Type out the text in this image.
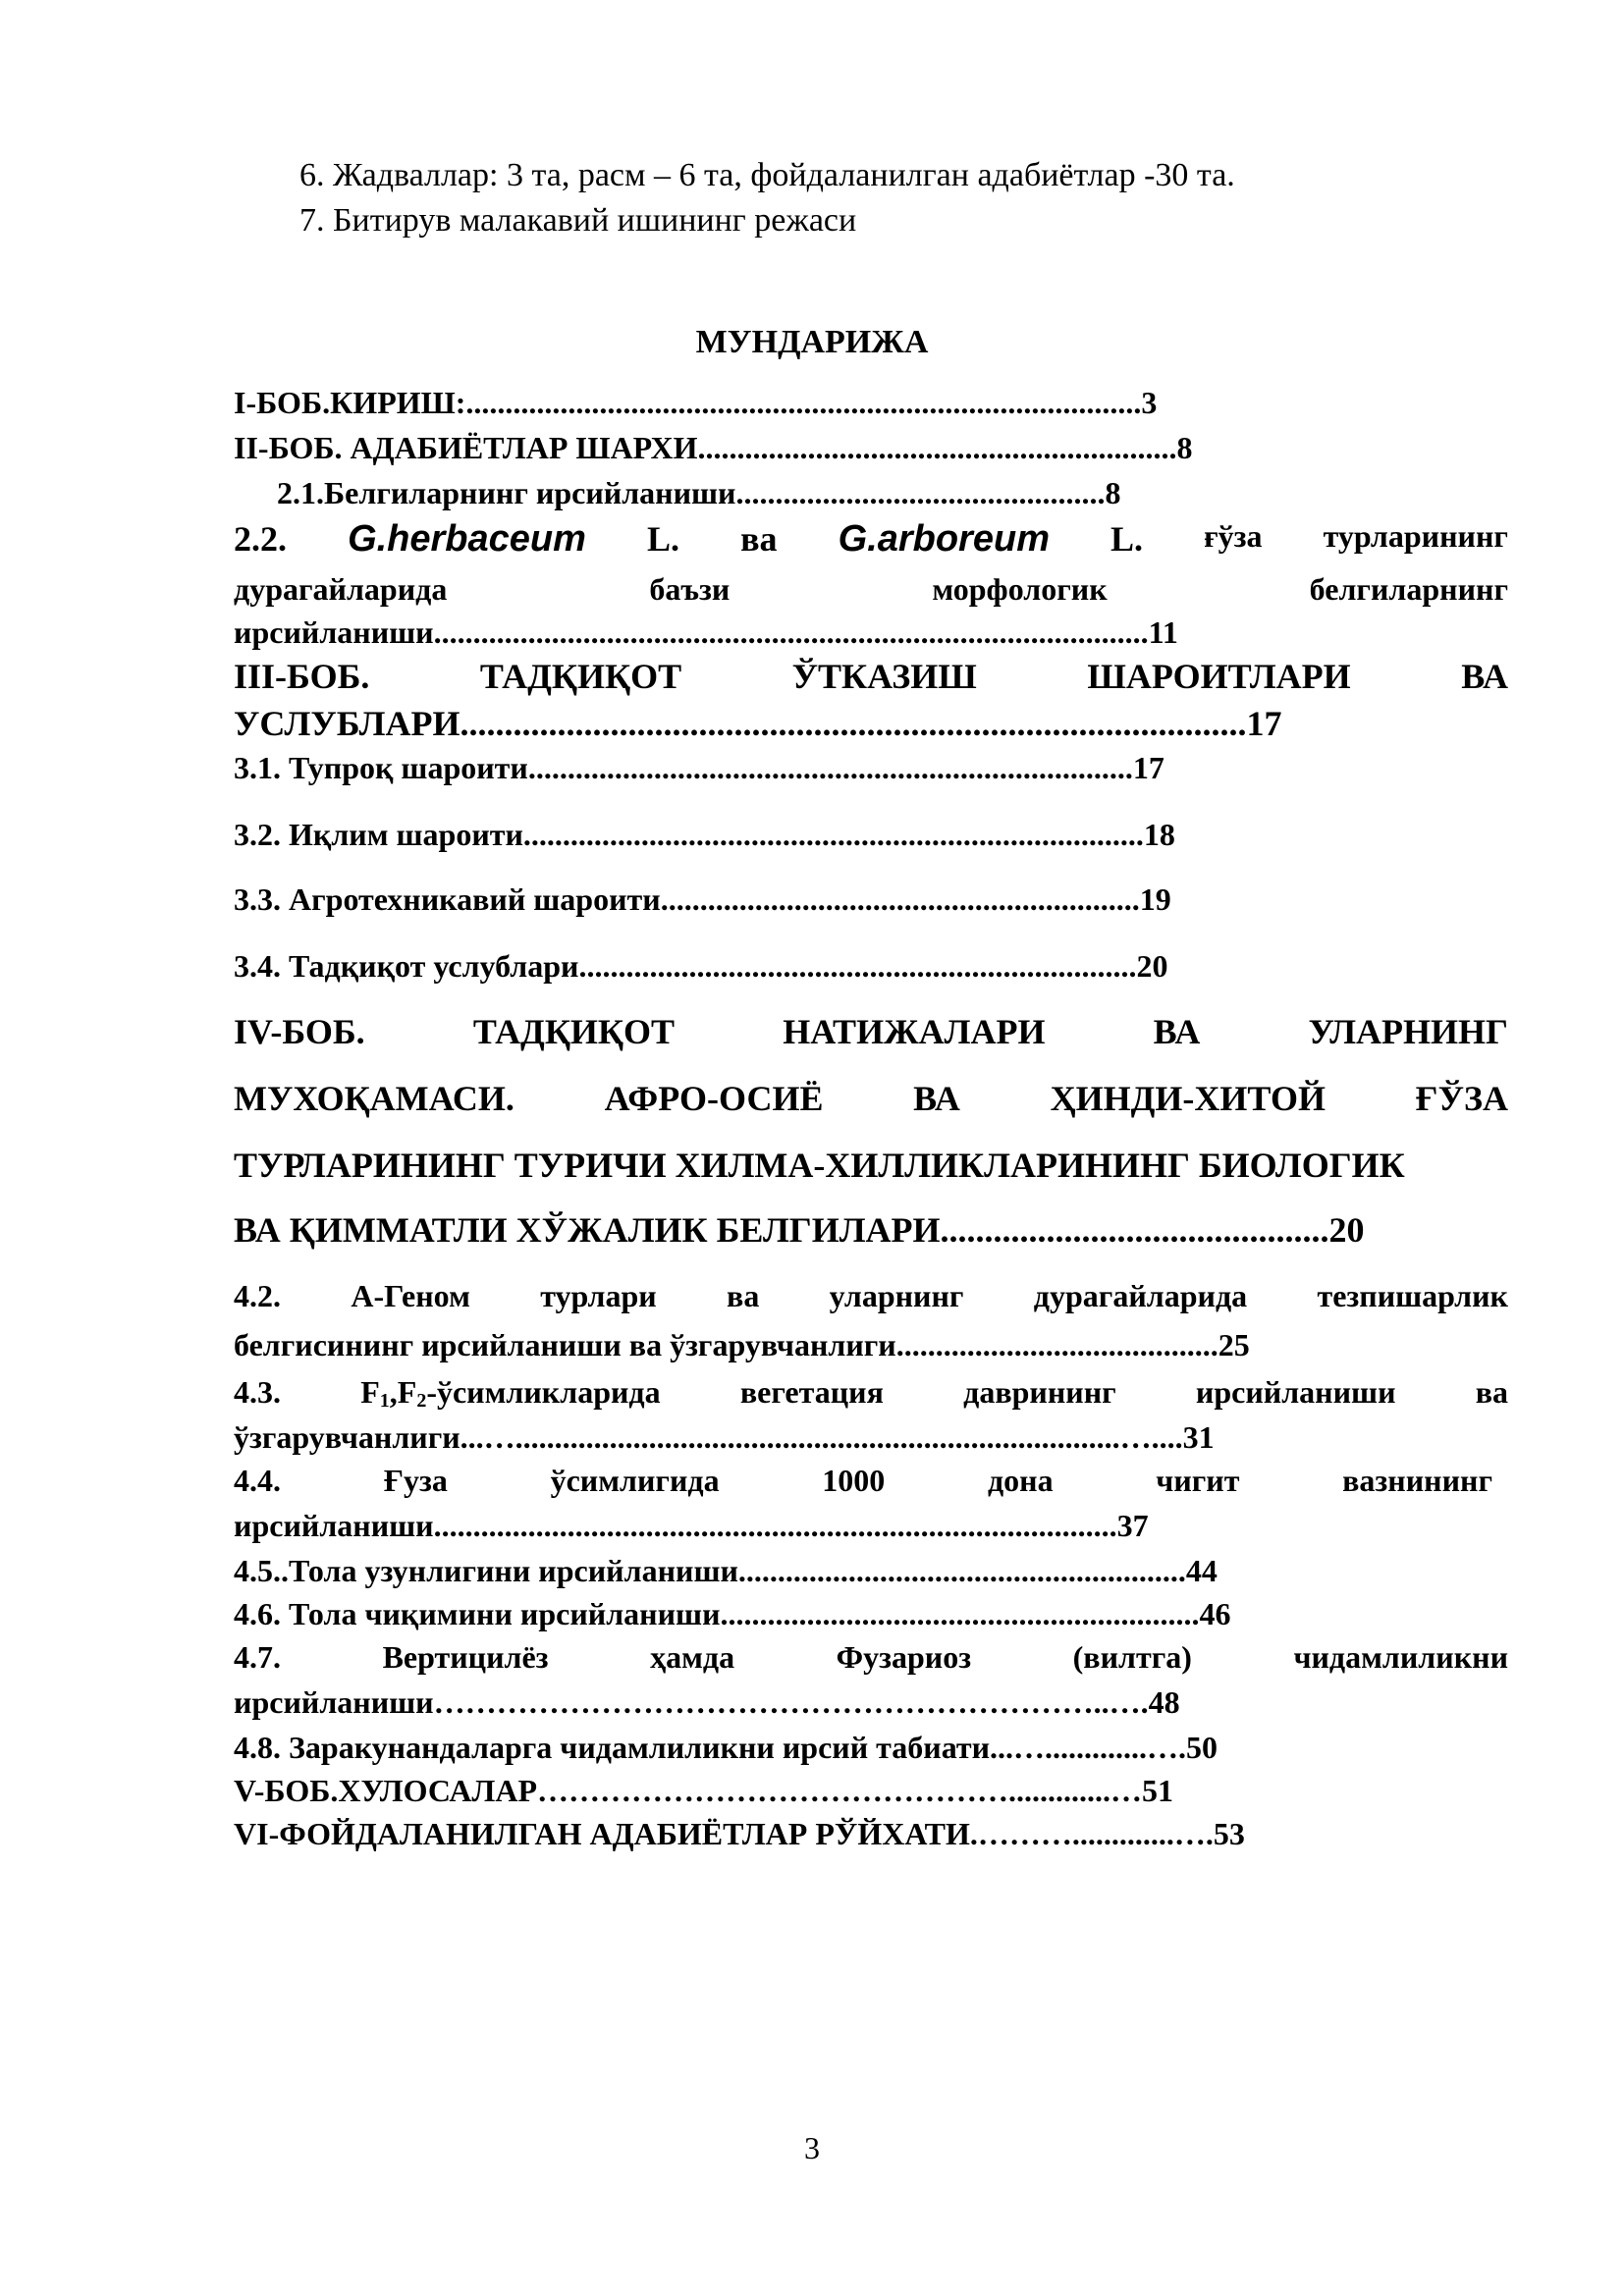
6. Жадваллар: 3 та, расм – 6 та, фойдаланилган адабиётлар -30 та.
7. Битирув малакавий ишининг режаси
МУНДАРИЖА
I-БОБ.КИРИШ:......................................................................................3
II-БОБ. АДАБИЁТЛАР ШАРХИ.............................................................8
2.1.Белгиларнинг ирсийланиши...............................................8
2.2. G.herbaceum L. ва G.arboreum L. ғўза турларининг
дурагайларида	баъзи	морфологик	белгиларнинг
ирсийланиши...........................................................................................11
III-БОБ.	ТАДҚИҚОТ	ЎТКАЗИШ	ШАРОИТЛАРИ	ВА
УСЛУБЛАРИ.........................................................................................17
3.1. Тупроқ шароити.............................................................................17
3.2. Иқлим шароити...............................................................................18
3.3. Агротехникавий шароити.............................................................19
3.4. Тадқиқот услублари.......................................................................20
IV-БОБ.	ТАДҚИҚОТ	НАТИЖАЛАРИ	ВА	УЛАРНИНГ
МУХОҚАМАСИ.	АФРО-ОСИЁ	ВА	ҲИНДИ-ХИТОЙ	ҒЎЗА
ТУРЛАРИНИНГ ТУРИЧИ ХИЛМА-ХИЛЛИКЛАРИНИНГ БИОЛОГИК
ВА ҚИММАТЛИ ХЎЖАЛИК БЕЛГИЛАРИ............................................20
4.2. А-Геном турлари ва уларнинг дурагайларида тезпишарлик
белгисининг ирсийланиши ва ўзгарувчанлиги.........................................25
4.3.	$F_1,F_2$-ўсимликларида	вегетация	даврининг	ирсийланиши	ва
ўзгарувчанлиги...….............................................................................…....31
4.4.	Ғуза	ўсимлигида	1000	дона	чигит	вазнининг
ирсийланиши.......................................................................................37
4.5..Тола узунлигини ирсийланиши.........................................................44
4.6. Тола чиқимини ирсийланиши.............................................................46
4.7.	Вертицилёз	ҳамда	Фузариоз	(вилтга)	чидамлиликни
ирсийланиши………………………………………………………..….48
4.8. Заракунандаларга чидамлиликни ирсий табиати...….............….50
V-БОБ.ХУЛОСАЛАР……………………………………….............…51
VI-ФОЙДАЛАНИЛГАН АДАБИЁТЛАР РЎЙХАТИ.……….............….53
3
